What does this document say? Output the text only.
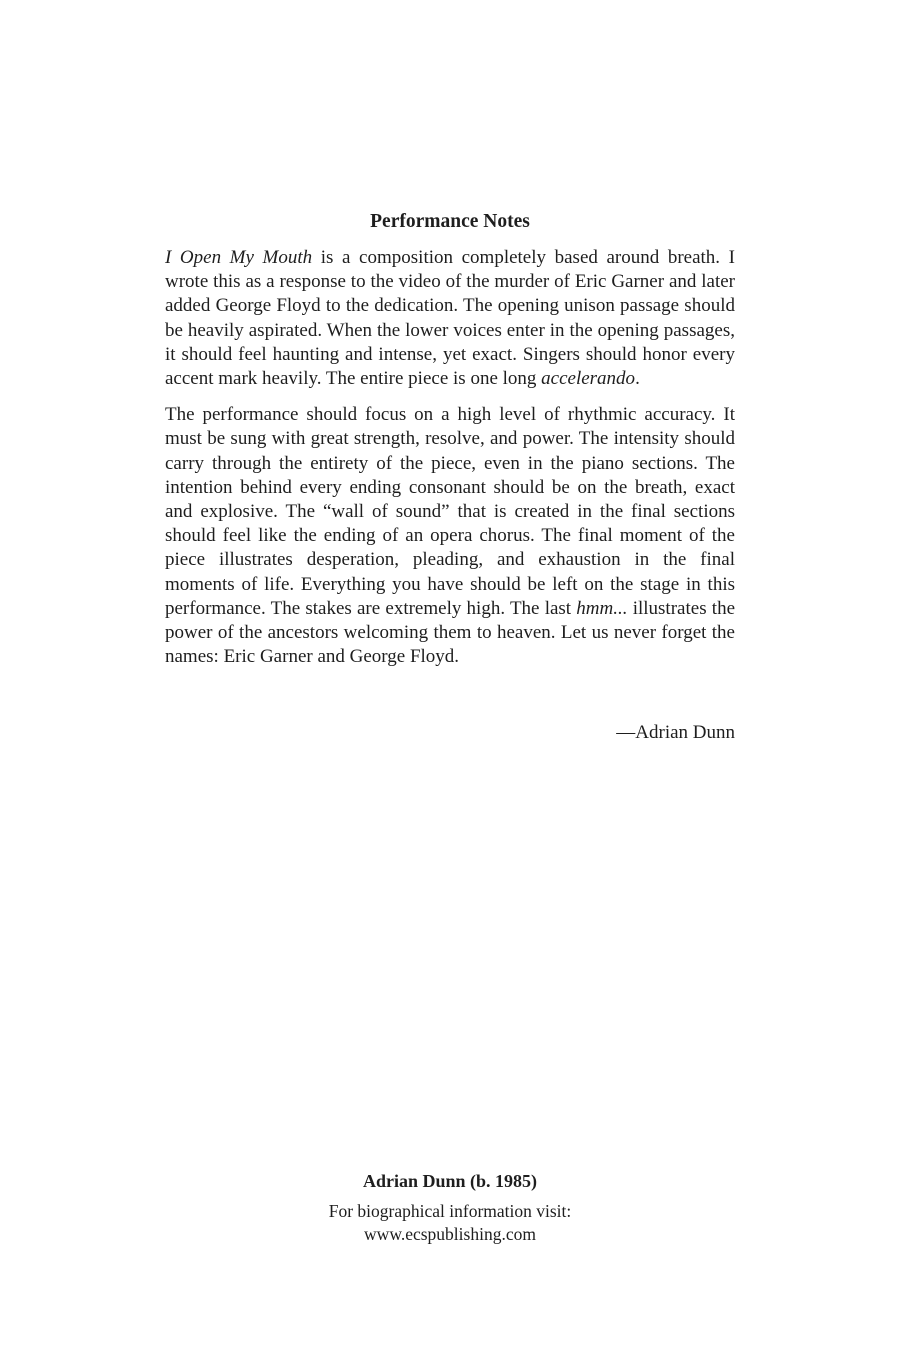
Performance Notes

I Open My Mouth is a composition completely based around breath. I wrote this as a response to the video of the murder of Eric Garner and later added George Floyd to the dedication. The opening unison passage should be heavily aspirated. When the lower voices enter in the opening passages, it should feel haunting and intense, yet exact. Singers should honor every accent mark heavily. The entire piece is one long accelerando.

The performance should focus on a high level of rhythmic accuracy. It must be sung with great strength, resolve, and power. The intensity should carry through the entirety of the piece, even in the piano sections. The intention behind every ending consonant should be on the breath, exact and explosive. The “wall of sound” that is created in the final sections should feel like the ending of an opera chorus. The final moment of the piece illustrates desperation, pleading, and exhaustion in the final moments of life. Everything you have should be left on the stage in this performance. The stakes are extremely high. The last hmm... illustrates the power of the ancestors welcoming them to heaven. Let us never forget the names: Eric Garner and George Floyd.

—Adrian Dunn

Adrian Dunn (b. 1985)

For biographical information visit:

www.ecspublishing.com
